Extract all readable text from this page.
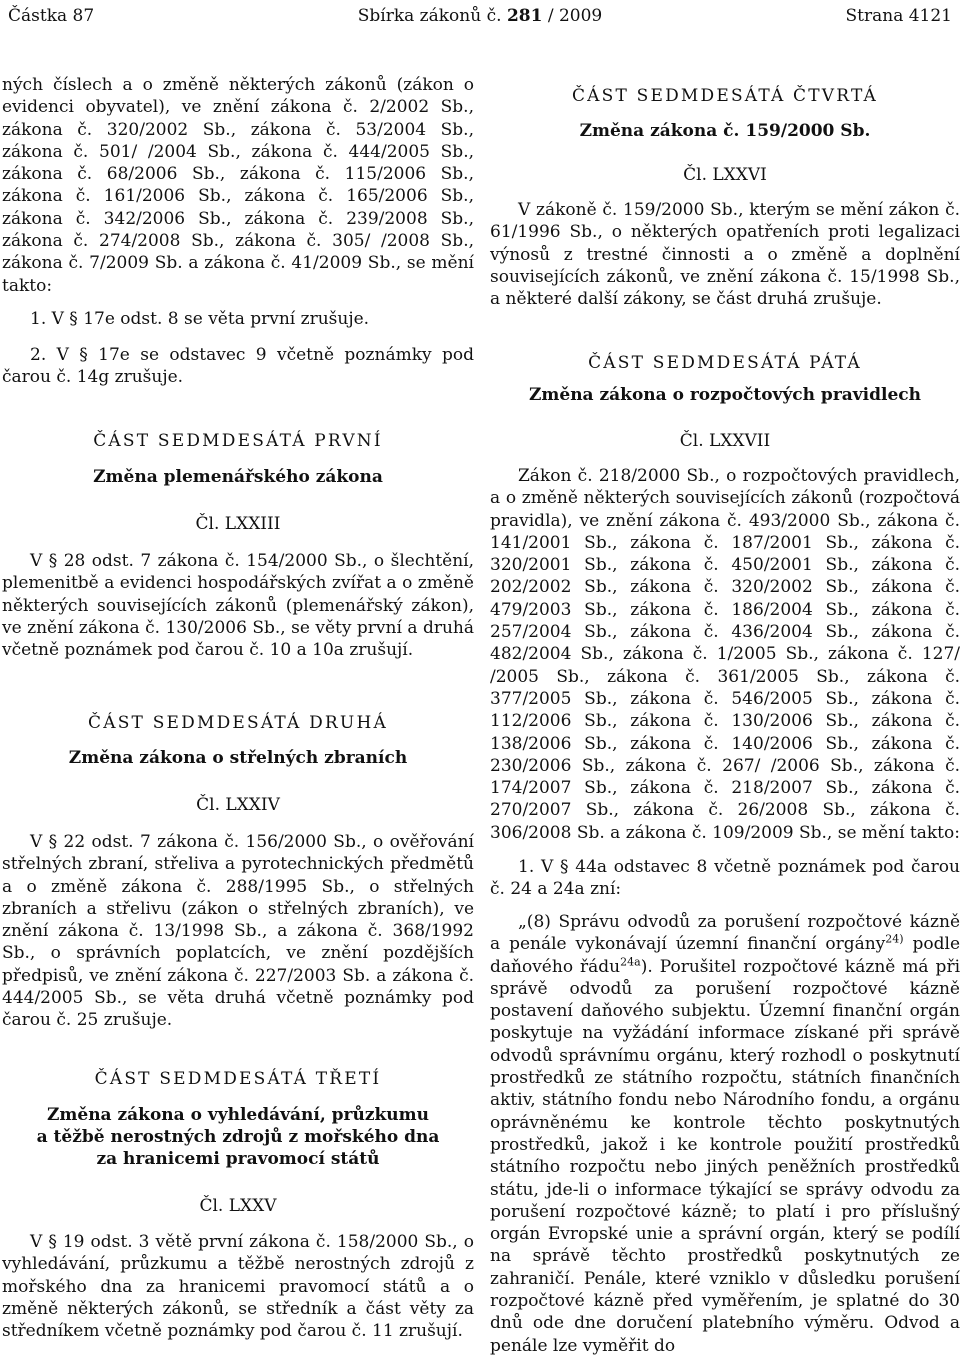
Částka 87	Sbírka zákonů č. 281 / 2009	Strana 4121

ných číslech a o změně některých zákonů (zákon o evidenci obyvatel), ve znění zákona č. 2/2002 Sb., zákona č. 320/2002 Sb., zákona č. 53/2004 Sb., zákona č. 501/ /2004 Sb., zákona č. 444/2005 Sb., zákona č. 68/2006 Sb., zákona č. 115/2006 Sb., zákona č. 161/2006 Sb., zákona č. 165/2006 Sb., zákona č. 342/2006 Sb., zákona č. 239/2008 Sb., zákona č. 274/2008 Sb., zákona č. 305/ /2008 Sb., zákona č. 7/2009 Sb. a zákona č. 41/2009 Sb., se mění takto:

1. V § 17e odst. 8 se věta první zrušuje.

2. V § 17e se odstavec 9 včetně poznámky pod čarou č. 14g zrušuje.

ČÁST SEDMDESÁTÁ PRVNÍ
Změna plemenářského zákona
Čl. LXXIII

V § 28 odst. 7 zákona č. 154/2000 Sb., o šlechtění, plemenitbě a evidenci hospodářských zvířat a o změně některých souvisejících zákonů (plemenářský zákon), ve znění zákona č. 130/2006 Sb., se věty první a druhá včetně poznámek pod čarou č. 10 a 10a zrušují.

ČÁST SEDMDESÁTÁ DRUHÁ
Změna zákona o střelných zbraních
Čl. LXXIV

V § 22 odst. 7 zákona č. 156/2000 Sb., o ověřování střelných zbraní, střeliva a pyrotechnických předmětů a o změně zákona č. 288/1995 Sb., o střelných zbraních a střelivu (zákon o střelných zbraních), ve znění zákona č. 13/1998 Sb., a zákona č. 368/1992 Sb., o správních poplatcích, ve znění pozdějších předpisů, ve znění zákona č. 227/2003 Sb. a zákona č. 444/2005 Sb., se věta druhá včetně poznámky pod čarou č. 25 zrušuje.

ČÁST SEDMDESÁTÁ TŘETÍ
Změna zákona o vyhledávání, průzkumu
a těžbě nerostných zdrojů z mořského dna
za hranicemi pravomocí států
Čl. LXXV

V § 19 odst. 3 větě první zákona č. 158/2000 Sb., o vyhledávání, průzkumu a těžbě nerostných zdrojů z mořského dna za hranicemi pravomocí států a o změně některých zákonů, se středník a část věty za středníkem včetně poznámky pod čarou č. 11 zrušují.

ČÁST SEDMDESÁTÁ ČTVRTÁ
Změna zákona č. 159/2000 Sb.
Čl. LXXVI

V zákoně č. 159/2000 Sb., kterým se mění zákon č. 61/1996 Sb., o některých opatřeních proti legalizaci výnosů z trestné činnosti a o změně a doplnění souvisejících zákonů, ve znění zákona č. 15/1998 Sb., a některé další zákony, se část druhá zrušuje.

ČÁST SEDMDESÁTÁ PÁTÁ
Změna zákona o rozpočtových pravidlech
Čl. LXXVII

Zákon č. 218/2000 Sb., o rozpočtových pravidlech, a o změně některých souvisejících zákonů (rozpočtová pravidla), ve znění zákona č. 493/2000 Sb., zákona č. 141/2001 Sb., zákona č. 187/2001 Sb., zákona č. 320/2001 Sb., zákona č. 450/2001 Sb., zákona č. 202/2002 Sb., zákona č. 320/2002 Sb., zákona č. 479/2003 Sb., zákona č. 186/2004 Sb., zákona č. 257/2004 Sb., zákona č. 436/2004 Sb., zákona č. 482/2004 Sb., zákona č. 1/2005 Sb., zákona č. 127/ /2005 Sb., zákona č. 361/2005 Sb., zákona č. 377/2005 Sb., zákona č. 546/2005 Sb., zákona č. 112/2006 Sb., zákona č. 130/2006 Sb., zákona č. 138/2006 Sb., zákona č. 140/2006 Sb., zákona č. 230/2006 Sb., zákona č. 267/ /2006 Sb., zákona č. 174/2007 Sb., zákona č. 218/2007 Sb., zákona č. 270/2007 Sb., zákona č. 26/2008 Sb., zákona č. 306/2008 Sb. a zákona č. 109/2009 Sb., se mění takto:

1. V § 44a odstavec 8 včetně poznámek pod čarou č. 24 a 24a zní:

„(8) Správu odvodů za porušení rozpočtové kázně a penále vykonávají územní finanční orgány$^{24)}$ podle daňového řádu$^{24a}$). Porušitel rozpočtové kázně má při správě odvodů za porušení rozpočtové kázně postavení daňového subjektu. Územní finanční orgán poskytuje na vyžádání informace získané při správě odvodů správnímu orgánu, který rozhodl o poskytnutí prostředků ze státního rozpočtu, státních finančních aktiv, státního fondu nebo Národního fondu, a orgánu oprávněnému ke kontrole těchto poskytnutých prostředků, jakož i ke kontrole použití prostředků státního rozpočtu nebo jiných peněžních prostředků státu, jde-li o informace týkající se správy odvodu za porušení rozpočtové kázně; to platí i pro příslušný orgán Evropské unie a správní orgán, který se podílí na správě těchto prostředků poskytnutých ze zahraničí. Penále, které vzniklo v důsledku porušení rozpočtové kázně před vyměřením, je splatné do 30 dnů ode dne doručení platebního výměru. Odvod a penále lze vyměřit do
